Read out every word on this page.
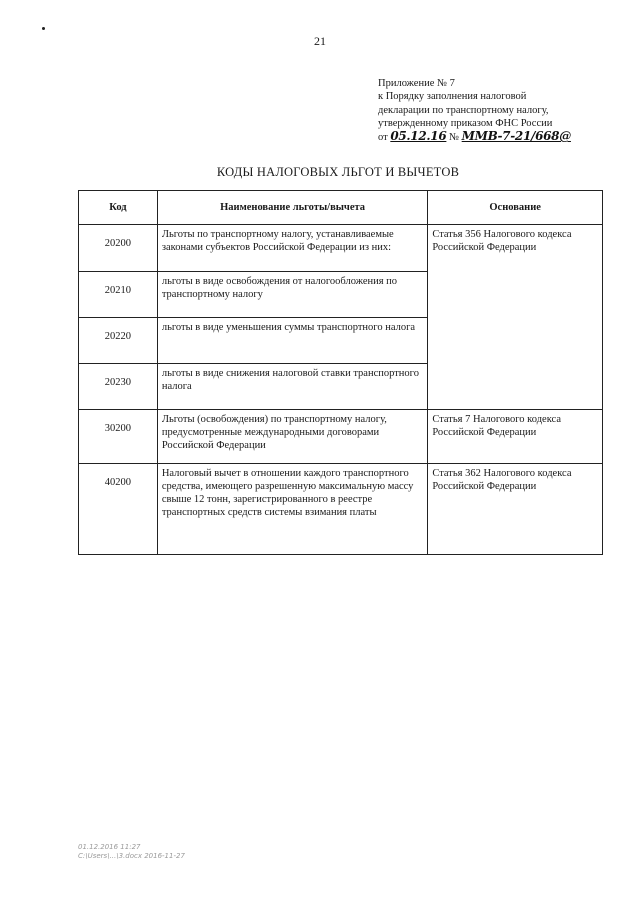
21
Приложение № 7
к Порядку заполнения налоговой
декларации по транспортному налогу,
утвержденному приказом ФНС России
от 05.12.16 № ММВ-7-21/668@
КОДЫ НАЛОГОВЫХ ЛЬГОТ И ВЫЧЕТОВ
Код	Наименование льготы/вычета	Основание
20200	Льготы по транспортному налогу, устанавливаемые законами субъектов Российской Федерации из них:	Статья 356 Налогового кодекса Российской Федерации
20210	льготы в виде освобождения от налогообложения по транспортному налогу	
20220	льготы в виде уменьшения суммы транспортного налога	
20230	льготы в виде снижения налоговой ставки транспортного налога	
30200	Льготы (освобождения) по транспортному налогу, предусмотренные международными договорами Российской Федерации	Статья 7 Налогового кодекса Российской Федерации
40200	Налоговый вычет в отношении каждого транспортного средства, имеющего разрешенную максимальную массу свыше 12 тонн, зарегистрированного в реестре транспортных средств системы взимания платы	Статья 362 Налогового кодекса Российской Федерации
01.12.2016 11:27
C:\Users\...\3.docx 2016-11-27
